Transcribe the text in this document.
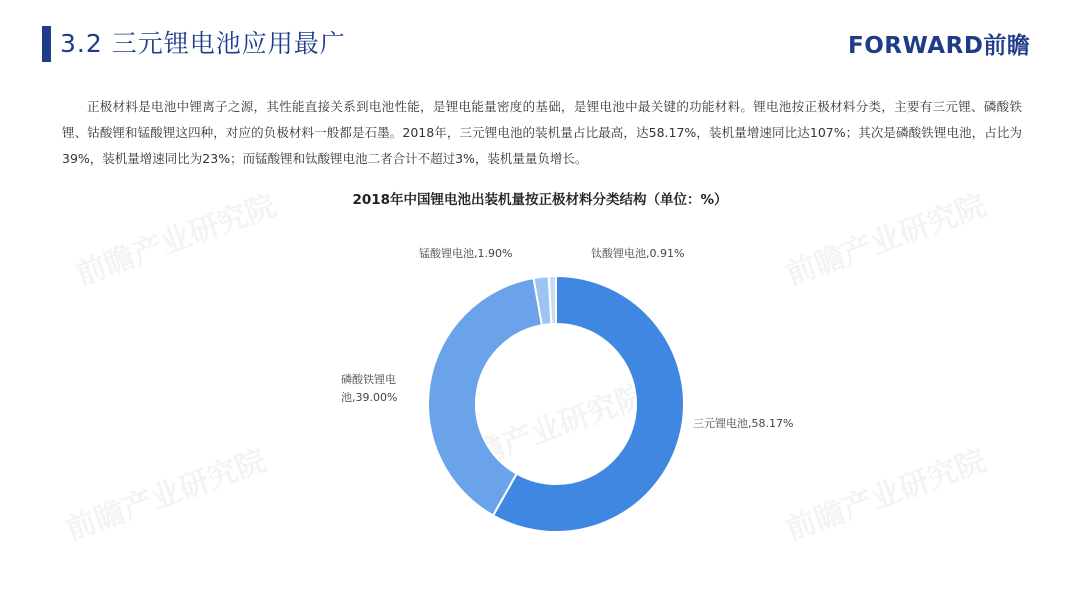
3.2 三元锂电池应用最广	FORWARD前瞻
正极材料是电池中锂离子之源，其性能直接关系到电池性能，是锂电能量密度的基础，是锂电池中最关键的功能材料。锂电池按正极材料分类，主要有三元锂、磷酸铁锂、钴酸锂和锰酸锂这四种，对应的负极材料一般都是石墨。2018年，三元锂电池的装机量占比最高，达58.17%，装机量增速同比达107%；其次是磷酸铁锂电池，占比为39%，装机量增速同比为23%；而锰酸锂和钛酸锂电池二者合计不超过3%，装机量量负增长。
2018年中国锂电池出装机量按正极材料分类结构（单位：%）
三元锂电池,58.17%
磷酸铁锂电
池,39.00%
锰酸锂电池,1.90%	钛酸锂电池,0.91%
